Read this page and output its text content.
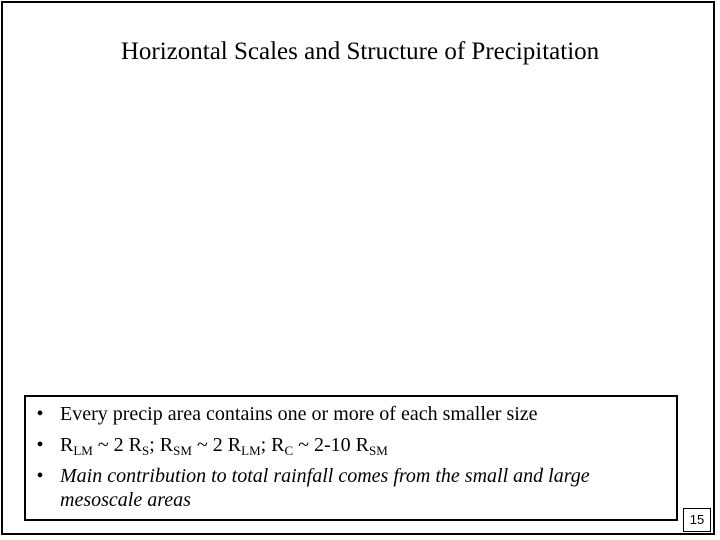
Horizontal Scales and Structure of Precipitation
• Every precip area contains one or more of each smaller size
• $R_{LM}$ ~ 2 $R_S$; $R_{SM}$ ~ 2 $R_{LM}$; $R_C$ ~ 2-10 $R_{SM}$
• Main contribution to total rainfall comes from the small and large mesoscale areas
15
